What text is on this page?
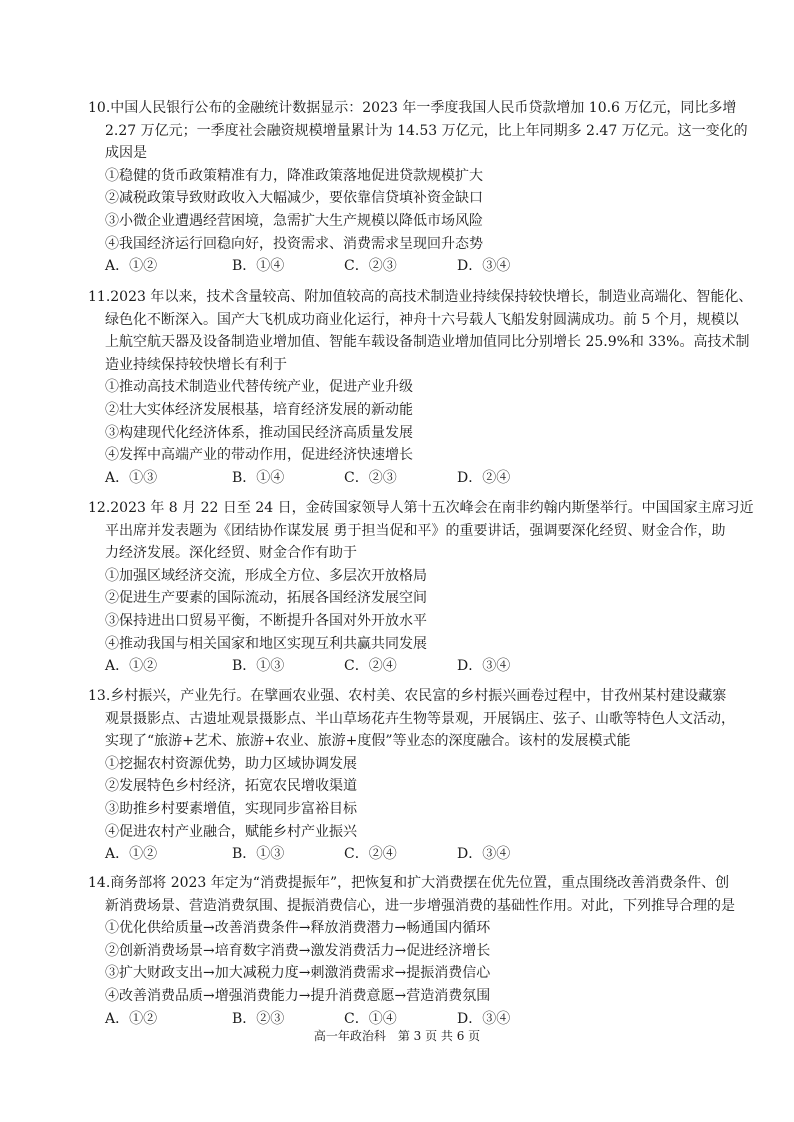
10.中国人民银行公布的金融统计数据显示：2023 年一季度我国人民币贷款增加 10.6 万亿元，同比多增
2.27 万亿元；一季度社会融资规模增量累计为 14.53 万亿元，比上年同期多 2.47 万亿元。这一变化的
成因是
①稳健的货币政策精准有力，降准政策落地促进贷款规模扩大
②减税政策导致财政收入大幅减少，要依靠信贷填补资金缺口
③小微企业遭遇经营困境，急需扩大生产规模以降低市场风险
④我国经济运行回稳向好，投资需求、消费需求呈现回升态势
A．①②	B．①④	C．②③	D．③④
11.2023 年以来，技术含量较高、附加值较高的高技术制造业持续保持较快增长，制造业高端化、智能化、
绿色化不断深入。国产大飞机成功商业化运行，神舟十六号载人飞船发射圆满成功。前 5 个月，规模以
上航空航天器及设备制造业增加值、智能车载设备制造业增加值同比分别增长 25.9%和 33%。高技术制
造业持续保持较快增长有利于
①推动高技术制造业代替传统产业，促进产业升级
②壮大实体经济发展根基，培育经济发展的新动能
③构建现代化经济体系，推动国民经济高质量发展
④发挥中高端产业的带动作用，促进经济快速增长
A．①③	B．①④	C．②③	D．②④
12.2023 年 8 月 22 日至 24 日，金砖国家领导人第十五次峰会在南非约翰内斯堡举行。中国国家主席习近
平出席并发表题为《团结协作谋发展 勇于担当促和平》的重要讲话，强调要深化经贸、财金合作，助
力经济发展。深化经贸、财金合作有助于
①加强区域经济交流，形成全方位、多层次开放格局
②促进生产要素的国际流动，拓展各国经济发展空间
③保持进出口贸易平衡，不断提升各国对外开放水平
④推动我国与相关国家和地区实现互利共赢共同发展
A．①②	B．①③	C．②④	D．③④
13.乡村振兴，产业先行。在擘画农业强、农村美、农民富的乡村振兴画卷过程中，甘孜州某村建设藏寨
观景摄影点、古遗址观景摄影点、半山草场花卉生物等景观，开展锅庄、弦子、山歌等特色人文活动，
实现了“旅游+艺术、旅游+农业、旅游+度假”等业态的深度融合。该村的发展模式能
①挖掘农村资源优势，助力区域协调发展
②发展特色乡村经济，拓宽农民增收渠道
③助推乡村要素增值，实现同步富裕目标
④促进农村产业融合，赋能乡村产业振兴
A．①②	B．①③	C．②④	D．③④
14.商务部将 2023 年定为“消费提振年”，把恢复和扩大消费摆在优先位置，重点围绕改善消费条件、创
新消费场景、营造消费氛围、提振消费信心，进一步增强消费的基础性作用。对此，下列推导合理的是
①优化供给质量→改善消费条件→释放消费潜力→畅通国内循环
②创新消费场景→培育数字消费→激发消费活力→促进经济增长
③扩大财政支出→加大减税力度→刺激消费需求→提振消费信心
④改善消费品质→增强消费能力→提升消费意愿→营造消费氛围
A．①②	B．②③	C．①④	D．③④
高一年政治科　第 3 页 共 6 页
